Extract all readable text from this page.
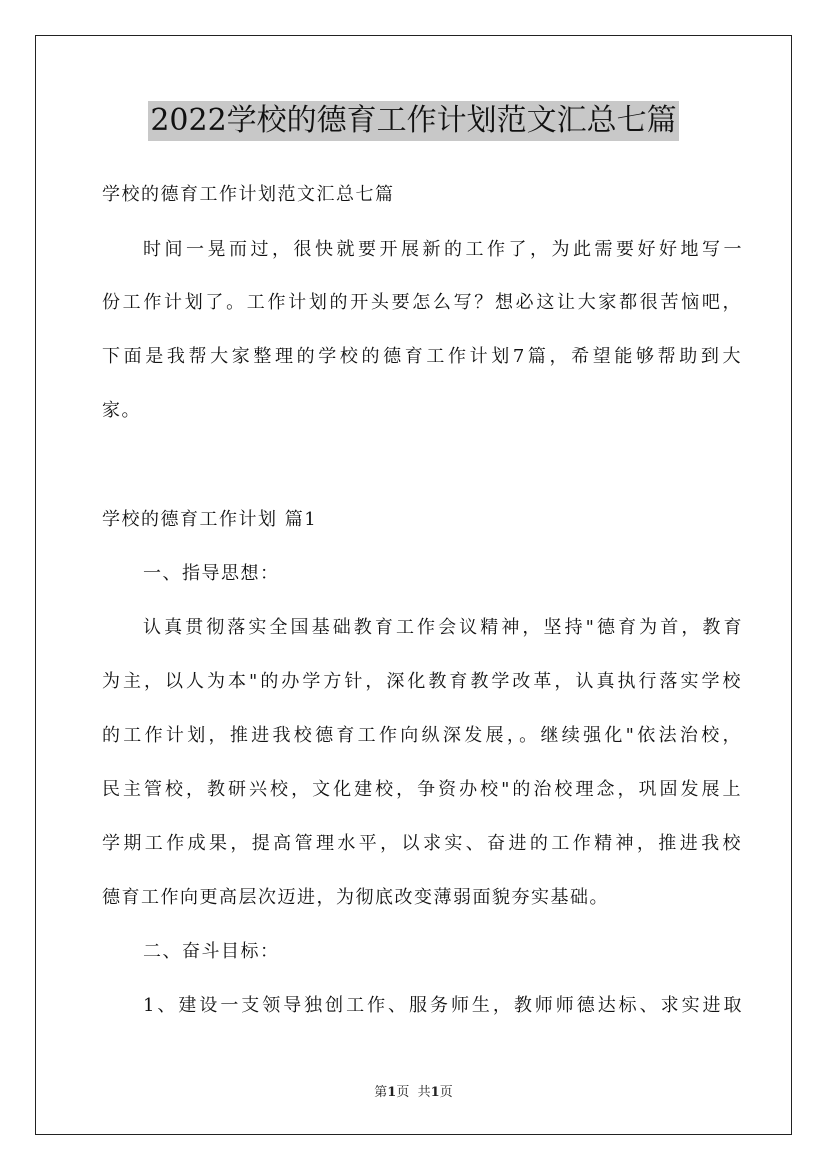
2022学校的德育工作计划范文汇总七篇
学校的德育工作计划范文汇总七篇
时间一晃而过，很快就要开展新的工作了，为此需要好好地写一
份工作计划了。工作计划的开头要怎么写？想必这让大家都很苦恼吧，
下面是我帮大家整理的学校的德育工作计划7篇，希望能够帮助到大
家。
学校的德育工作计划 篇1
一、指导思想：
认真贯彻落实全国基础教育工作会议精神，坚持"德育为首，教育
为主，以人为本"的办学方针，深化教育教学改革，认真执行落实学校
的工作计划，推进我校德育工作向纵深发展，。继续强化"依法治校，
民主管校，教研兴校，文化建校，争资办校"的治校理念，巩固发展上
学期工作成果，提高管理水平，以求实、奋进的工作精神，推进我校
德育工作向更高层次迈进，为彻底改变薄弱面貌夯实基础。
二、奋斗目标：
1、建设一支领导独创工作、服务师生，教师师德达标、求实进取
第1页 共1页
